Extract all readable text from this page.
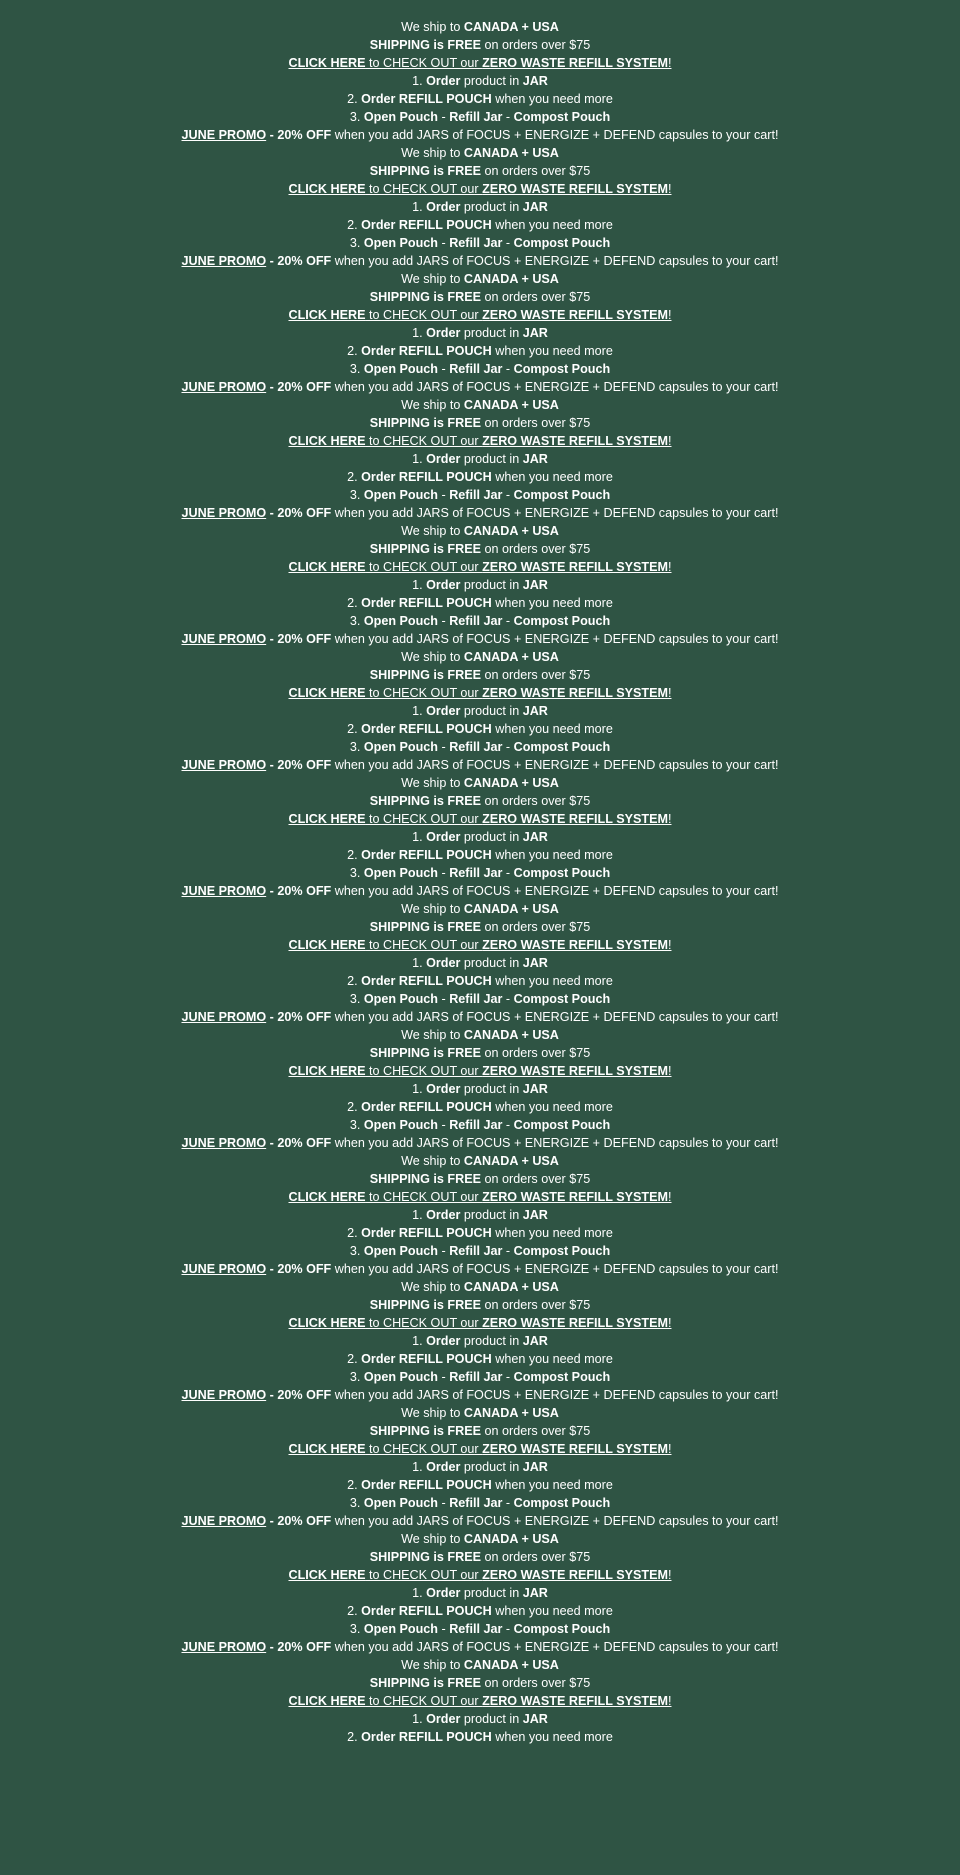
We ship to CANADA + USA
SHIPPING is FREE on orders over $75
CLICK HERE to CHECK OUT our ZERO WASTE REFILL SYSTEM!
1. Order product in JAR
2. Order REFILL POUCH when you need more
3. Open Pouch - Refill Jar - Compost Pouch
JUNE PROMO - 20% OFF when you add JARS of FOCUS + ENERGIZE + DEFEND capsules to your cart!
We ship to CANADA + USA
SHIPPING is FREE on orders over $75
CLICK HERE to CHECK OUT our ZERO WASTE REFILL SYSTEM!
1. Order product in JAR
2. Order REFILL POUCH when you need more
3. Open Pouch - Refill Jar - Compost Pouch
JUNE PROMO - 20% OFF when you add JARS of FOCUS + ENERGIZE + DEFEND capsules to your cart!
We ship to CANADA + USA
SHIPPING is FREE on orders over $75
CLICK HERE to CHECK OUT our ZERO WASTE REFILL SYSTEM!
1. Order product in JAR
2. Order REFILL POUCH when you need more
3. Open Pouch - Refill Jar - Compost Pouch
JUNE PROMO - 20% OFF when you add JARS of FOCUS + ENERGIZE + DEFEND capsules to your cart!
We ship to CANADA + USA
SHIPPING is FREE on orders over $75
CLICK HERE to CHECK OUT our ZERO WASTE REFILL SYSTEM!
1. Order product in JAR
2. Order REFILL POUCH when you need more
3. Open Pouch - Refill Jar - Compost Pouch
JUNE PROMO - 20% OFF when you add JARS of FOCUS + ENERGIZE + DEFEND capsules to your cart!
We ship to CANADA + USA
SHIPPING is FREE on orders over $75
CLICK HERE to CHECK OUT our ZERO WASTE REFILL SYSTEM!
1. Order product in JAR
2. Order REFILL POUCH when you need more
3. Open Pouch - Refill Jar - Compost Pouch
JUNE PROMO - 20% OFF when you add JARS of FOCUS + ENERGIZE + DEFEND capsules to your cart!
We ship to CANADA + USA
SHIPPING is FREE on orders over $75
CLICK HERE to CHECK OUT our ZERO WASTE REFILL SYSTEM!
1. Order product in JAR
2. Order REFILL POUCH when you need more
3. Open Pouch - Refill Jar - Compost Pouch
JUNE PROMO - 20% OFF when you add JARS of FOCUS + ENERGIZE + DEFEND capsules to your cart!
We ship to CANADA + USA
SHIPPING is FREE on orders over $75
CLICK HERE to CHECK OUT our ZERO WASTE REFILL SYSTEM!
1. Order product in JAR
2. Order REFILL POUCH when you need more
3. Open Pouch - Refill Jar - Compost Pouch
JUNE PROMO - 20% OFF when you add JARS of FOCUS + ENERGIZE + DEFEND capsules to your cart!
We ship to CANADA + USA
SHIPPING is FREE on orders over $75
CLICK HERE to CHECK OUT our ZERO WASTE REFILL SYSTEM!
1. Order product in JAR
2. Order REFILL POUCH when you need more
3. Open Pouch - Refill Jar - Compost Pouch
JUNE PROMO - 20% OFF when you add JARS of FOCUS + ENERGIZE + DEFEND capsules to your cart!
We ship to CANADA + USA
SHIPPING is FREE on orders over $75
CLICK HERE to CHECK OUT our ZERO WASTE REFILL SYSTEM!
1. Order product in JAR
2. Order REFILL POUCH when you need more
3. Open Pouch - Refill Jar - Compost Pouch
JUNE PROMO - 20% OFF when you add JARS of FOCUS + ENERGIZE + DEFEND capsules to your cart!
We ship to CANADA + USA
SHIPPING is FREE on orders over $75
CLICK HERE to CHECK OUT our ZERO WASTE REFILL SYSTEM!
1. Order product in JAR
2. Order REFILL POUCH when you need more
3. Open Pouch - Refill Jar - Compost Pouch
JUNE PROMO - 20% OFF when you add JARS of FOCUS + ENERGIZE + DEFEND capsules to your cart!
We ship to CANADA + USA
SHIPPING is FREE on orders over $75
CLICK HERE to CHECK OUT our ZERO WASTE REFILL SYSTEM!
1. Order product in JAR
2. Order REFILL POUCH when you need more
3. Open Pouch - Refill Jar - Compost Pouch
JUNE PROMO - 20% OFF when you add JARS of FOCUS + ENERGIZE + DEFEND capsules to your cart!
We ship to CANADA + USA
SHIPPING is FREE on orders over $75
CLICK HERE to CHECK OUT our ZERO WASTE REFILL SYSTEM!
1. Order product in JAR
2. Order REFILL POUCH when you need more
3. Open Pouch - Refill Jar - Compost Pouch
JUNE PROMO - 20% OFF when you add JARS of FOCUS + ENERGIZE + DEFEND capsules to your cart!
We ship to CANADA + USA
SHIPPING is FREE on orders over $75
CLICK HERE to CHECK OUT our ZERO WASTE REFILL SYSTEM!
1. Order product in JAR
2. Order REFILL POUCH when you need more
3. Open Pouch - Refill Jar - Compost Pouch
JUNE PROMO - 20% OFF when you add JARS of FOCUS + ENERGIZE + DEFEND capsules to your cart!
We ship to CANADA + USA
SHIPPING is FREE on orders over $75
CLICK HERE to CHECK OUT our ZERO WASTE REFILL SYSTEM!
1. Order product in JAR
2. Order REFILL POUCH when you need more
